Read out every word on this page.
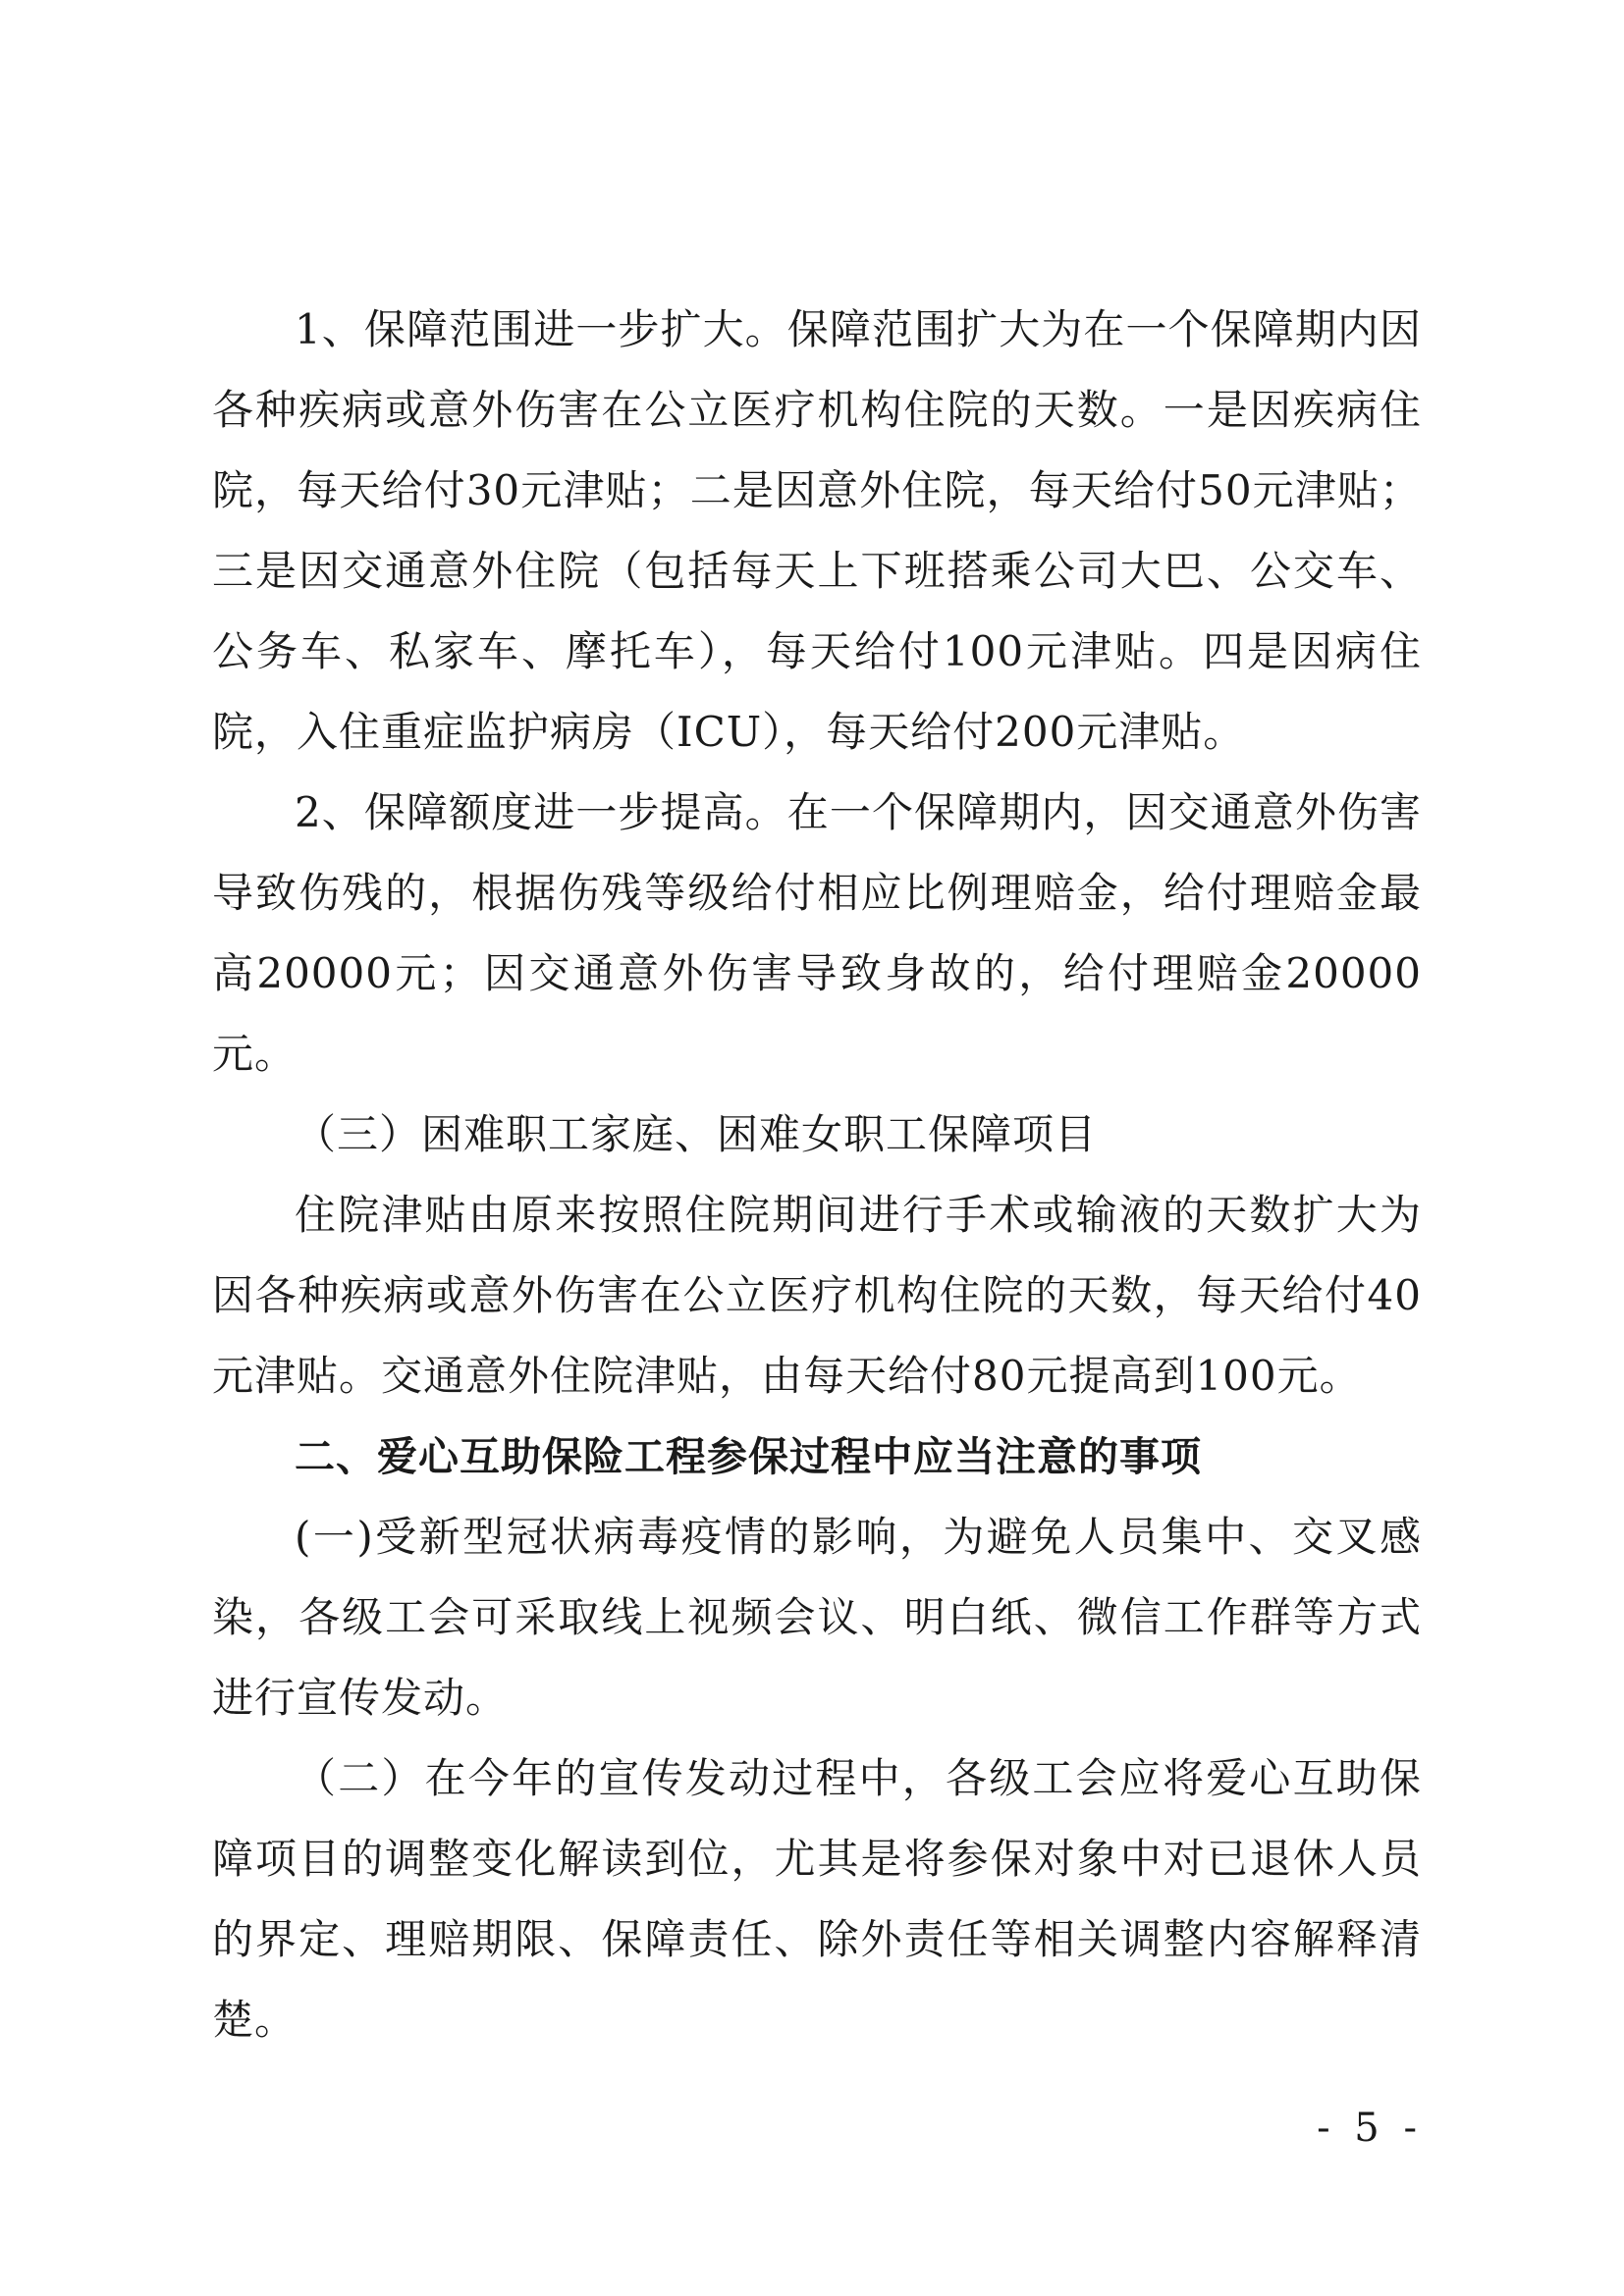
1、保障范围进一步扩大。保障范围扩大为在一个保障期内因各种疾病或意外伤害在公立医疗机构住院的天数。一是因疾病住院，每天给付30元津贴；二是因意外住院，每天给付50元津贴；三是因交通意外住院（包括每天上下班搭乘公司大巴、公交车、公务车、私家车、摩托车），每天给付100元津贴。四是因病住院，入住重症监护病房（ICU），每天给付200元津贴。

2、保障额度进一步提高。在一个保障期内，因交通意外伤害导致伤残的，根据伤残等级给付相应比例理赔金，给付理赔金最高20000元；因交通意外伤害导致身故的，给付理赔金20000元。

（三）困难职工家庭、困难女职工保障项目

住院津贴由原来按照住院期间进行手术或输液的天数扩大为因各种疾病或意外伤害在公立医疗机构住院的天数，每天给付40元津贴。交通意外住院津贴，由每天给付80元提高到100元。

二、爱心互助保险工程参保过程中应当注意的事项

(一)受新型冠状病毒疫情的影响，为避免人员集中、交叉感染，各级工会可采取线上视频会议、明白纸、微信工作群等方式进行宣传发动。

（二）在今年的宣传发动过程中，各级工会应将爱心互助保障项目的调整变化解读到位，尤其是将参保对象中对已退休人员的界定、理赔期限、保障责任、除外责任等相关调整内容解释清楚。

- 5 -
